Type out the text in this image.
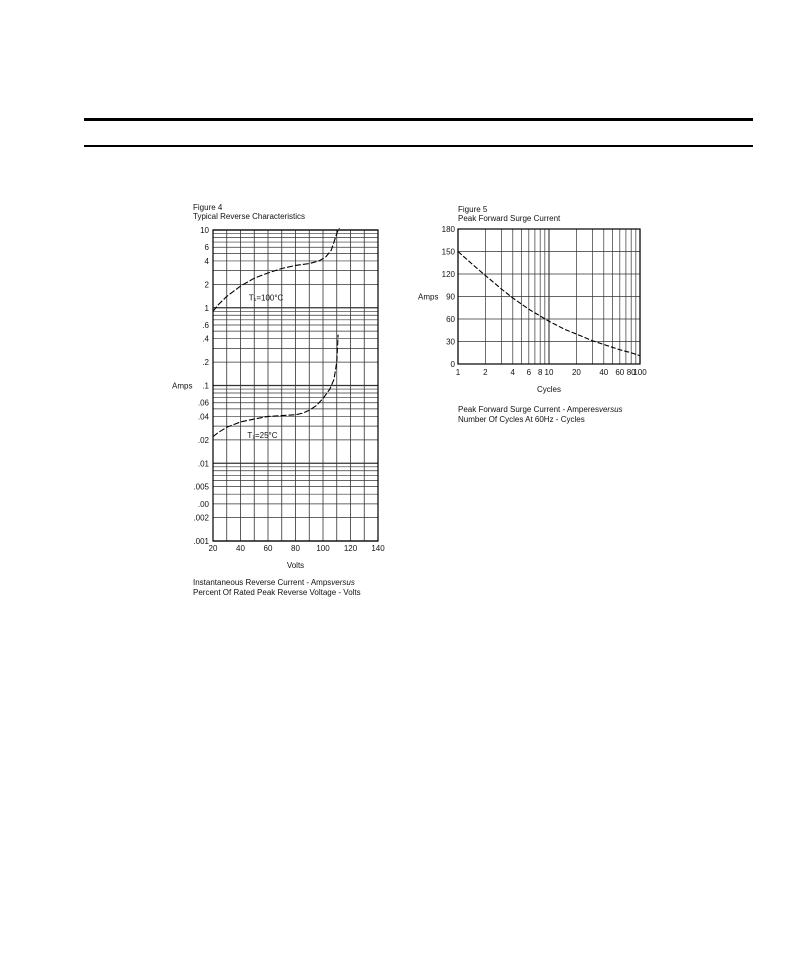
Figure 4
Typical Reverse Characteristics
20 40 60 80 100 120 140
10
6
4
2
1
.6
.4
.2
.1
.06
.04
.02
.01
.005
.00
.002
.001
Volts
Amps
T₁=100°C
T₁=25°C
Instantaneous Reverse Current - Ampsversus
Percent Of Rated Peak Reverse Voltage - Volts
Figure 5
Peak Forward Surge Current
1	2	4 6 8 10 20 40 60 80
100
0
30
60
90
120
150
180
Cycles
Amps
Peak Forward Surge Current - Amperesversus
Number Of Cycles At 60Hz - Cycles
